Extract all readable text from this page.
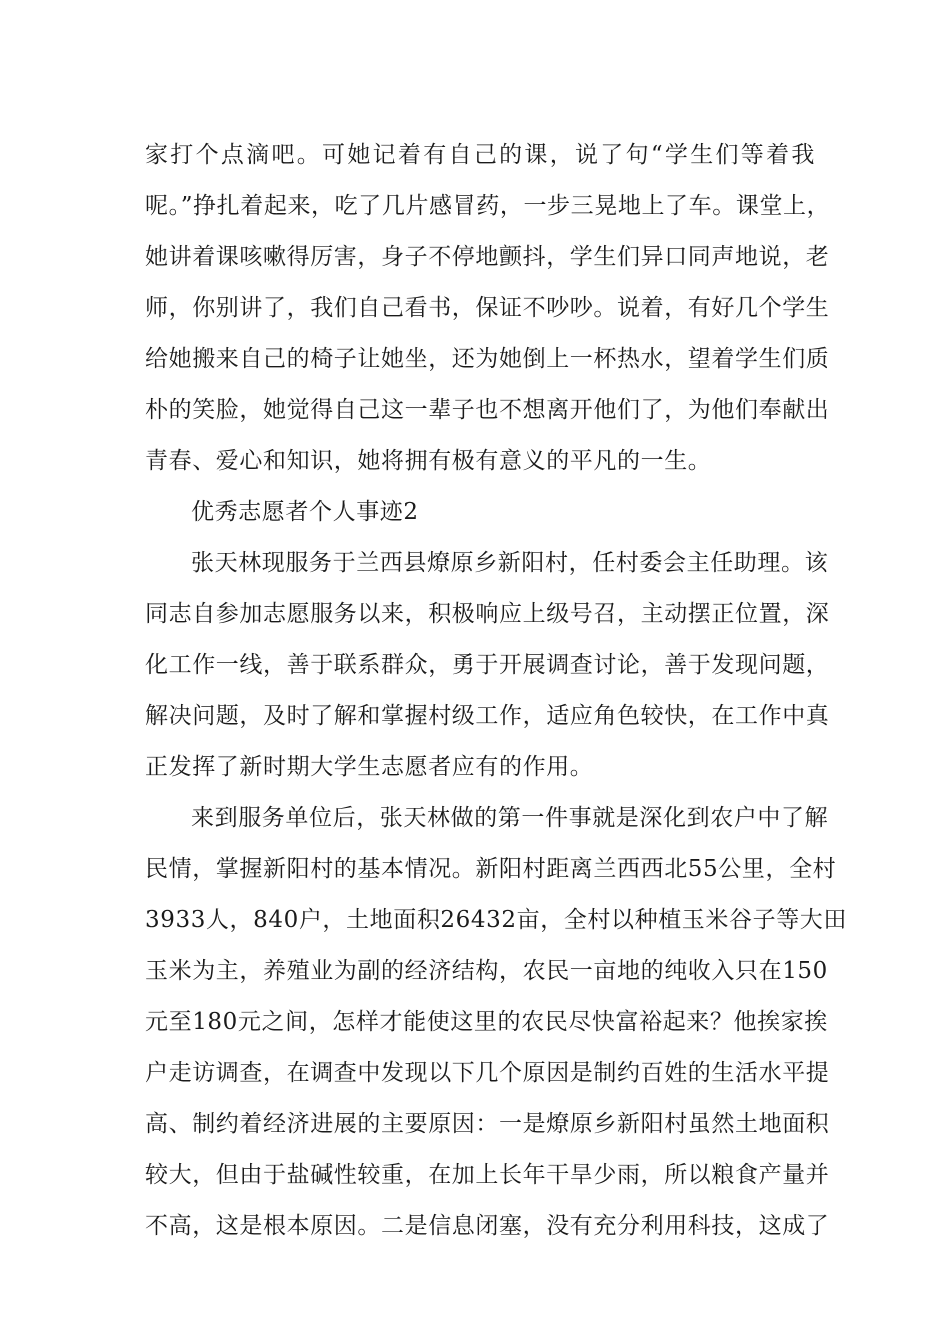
家打个点滴吧。可她记着有自己的课，说了句“学生们等着我
呢。”挣扎着起来，吃了几片感冒药，一步三晃地上了车。课堂上，
她讲着课咳嗽得厉害，身子不停地颤抖，学生们异口同声地说，老
师，你别讲了，我们自己看书，保证不吵吵。说着，有好几个学生
给她搬来自己的椅子让她坐，还为她倒上一杯热水，望着学生们质
朴的笑脸，她觉得自己这一辈子也不想离开他们了，为他们奉献出
青春、爱心和知识，她将拥有极有意义的平凡的一生。
优秀志愿者个人事迹2
张天林现服务于兰西县燎原乡新阳村，任村委会主任助理。该
同志自参加志愿服务以来，积极响应上级号召，主动摆正位置，深
化工作一线，善于联系群众，勇于开展调查讨论，善于发现问题，
解决问题，及时了解和掌握村级工作，适应角色较快，在工作中真
正发挥了新时期大学生志愿者应有的作用。
来到服务单位后，张天林做的第一件事就是深化到农户中了解
民情，掌握新阳村的基本情况。新阳村距离兰西西北55公里，全村
3933人，840户，土地面积26432亩，全村以种植玉米谷子等大田
玉米为主，养殖业为副的经济结构，农民一亩地的纯收入只在150
元至180元之间，怎样才能使这里的农民尽快富裕起来？他挨家挨
户走访调查，在调查中发现以下几个原因是制约百姓的生活水平提
高、制约着经济进展的主要原因：一是燎原乡新阳村虽然土地面积
较大，但由于盐碱性较重，在加上长年干旱少雨，所以粮食产量并
不高，这是根本原因。二是信息闭塞，没有充分利用科技，这成了
